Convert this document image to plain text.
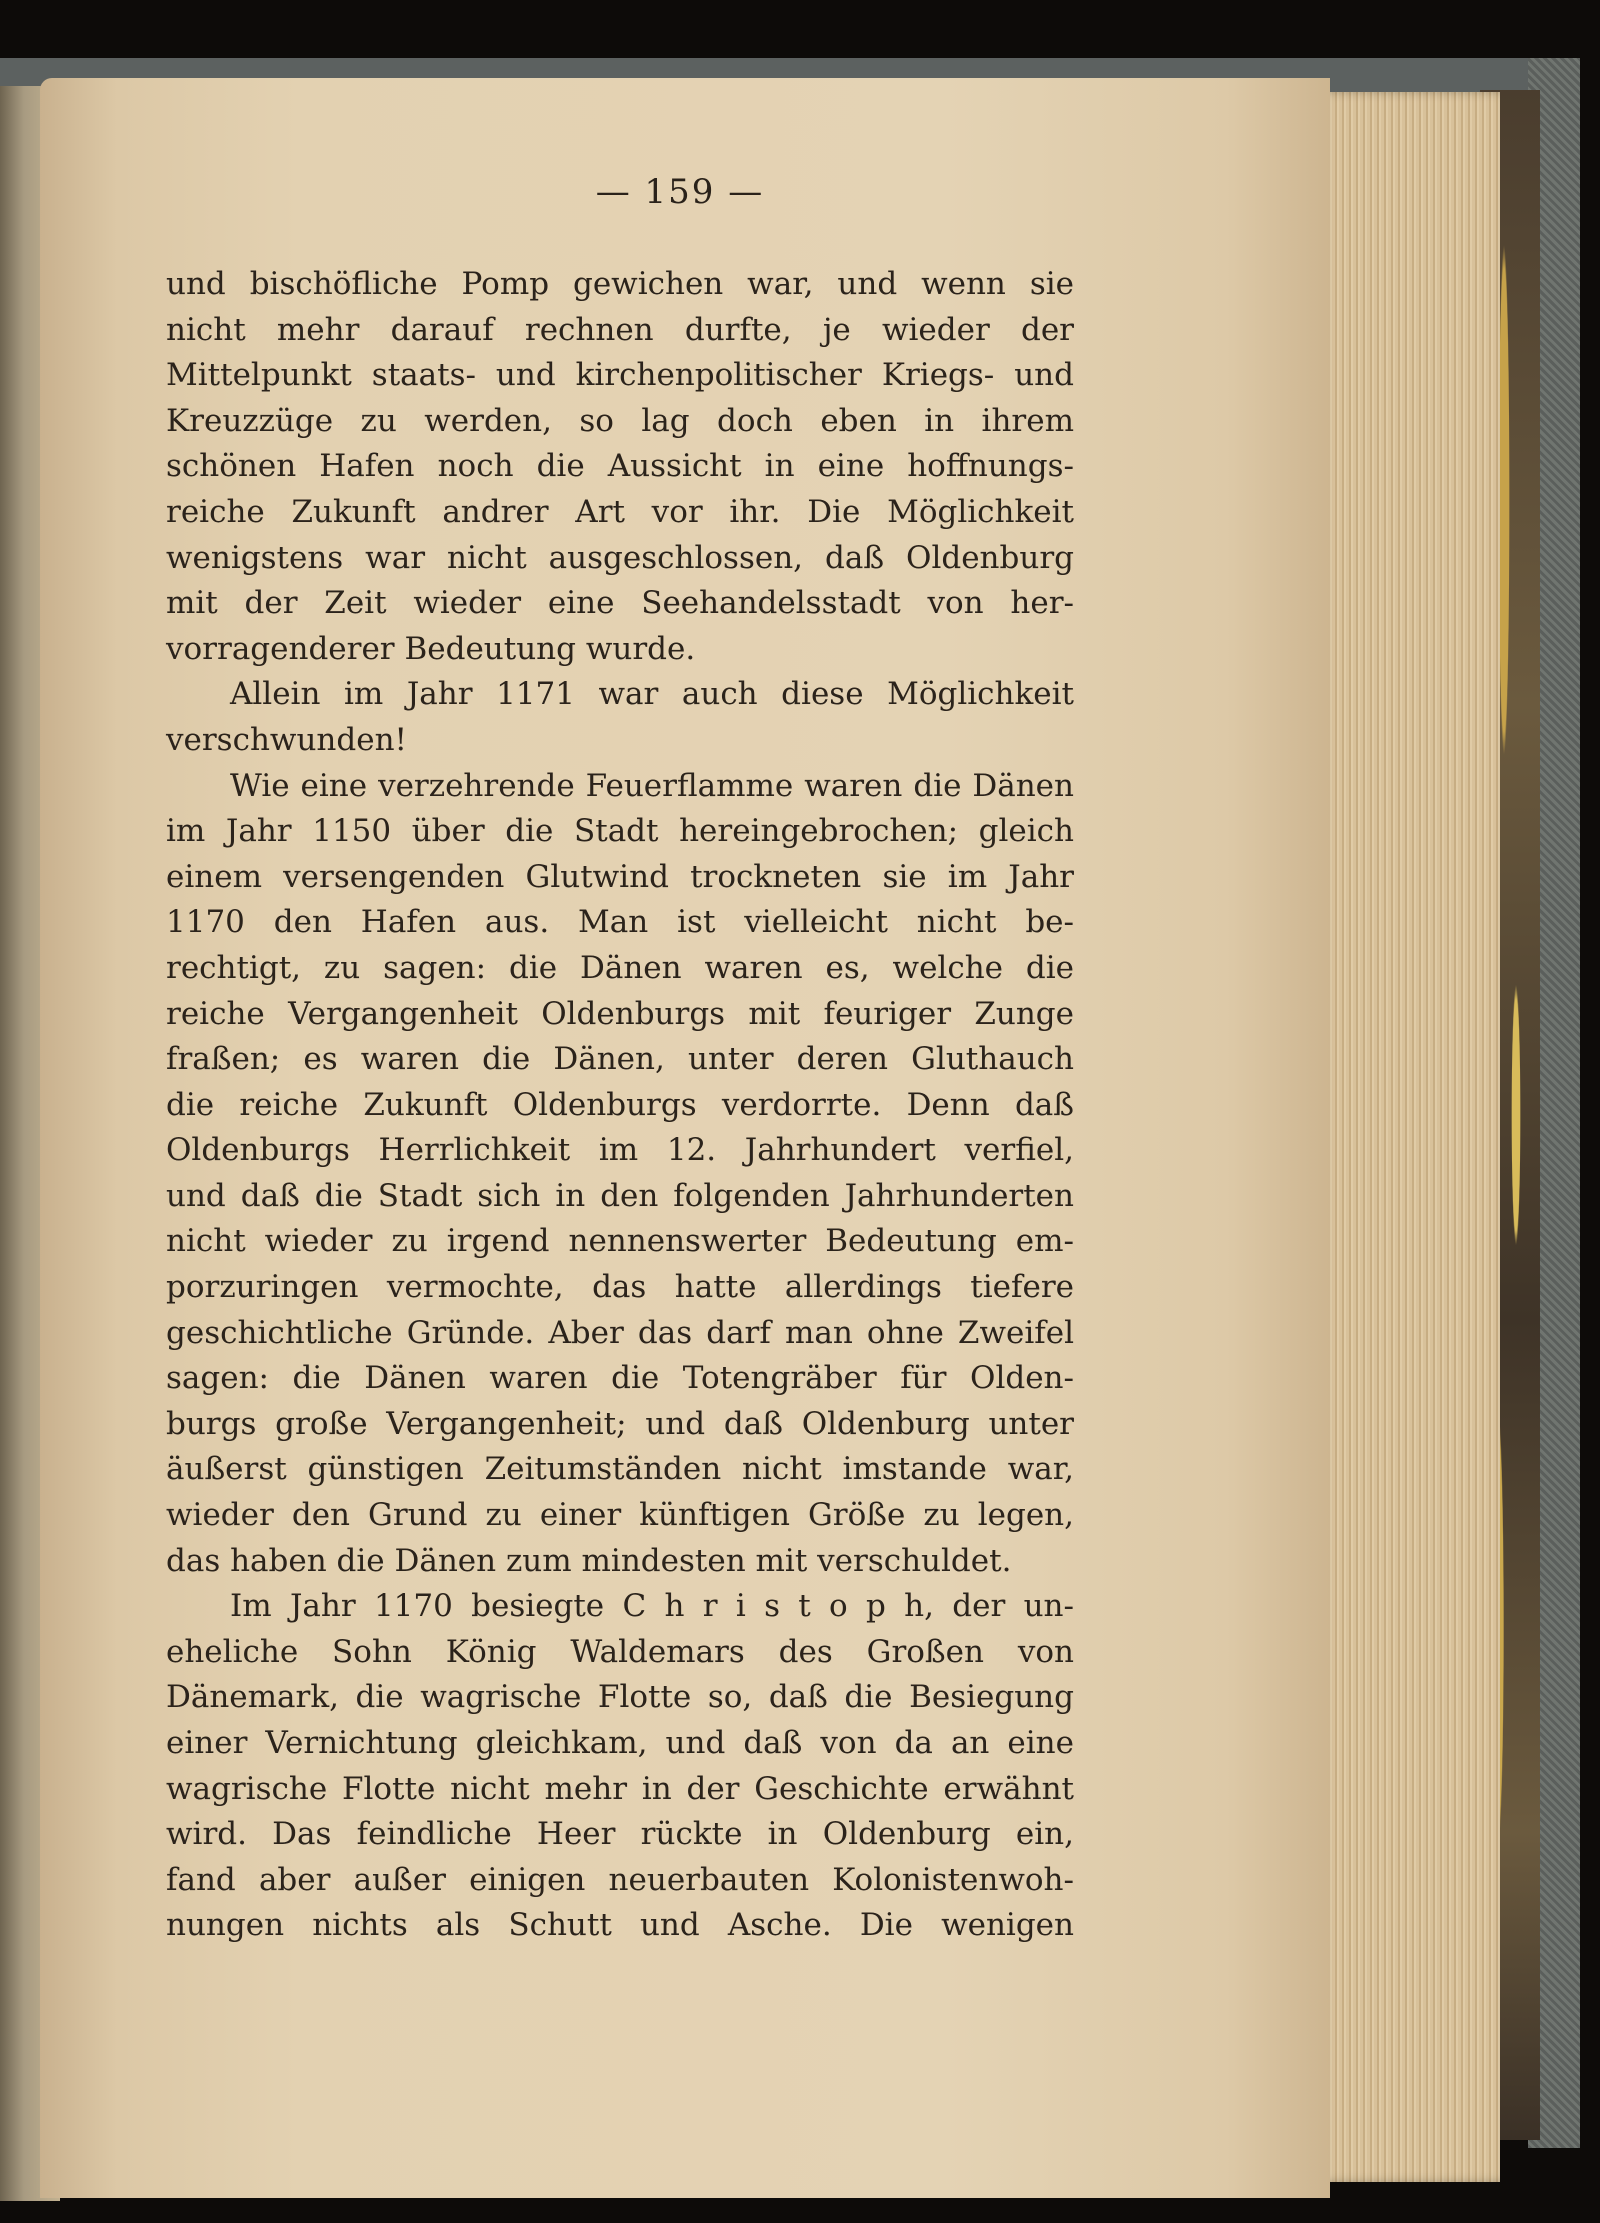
— 159 —
und bischöfliche Pomp gewichen war, und wenn sie
nicht mehr darauf rechnen durfte, je wieder der
Mittelpunkt staats- und kirchenpolitischer Kriegs- und
Kreuzzüge zu werden, so lag doch eben in ihrem
schönen Hafen noch die Aussicht in eine hoffnungs-
reiche Zukunft andrer Art vor ihr. Die Möglichkeit
wenigstens war nicht ausgeschlossen, daß Oldenburg
mit der Zeit wieder eine Seehandelsstadt von her-
vorragenderer Bedeutung wurde.
Allein im Jahr 1171 war auch diese Möglichkeit
verschwunden!
Wie eine verzehrende Feuerflamme waren die Dänen
im Jahr 1150 über die Stadt hereingebrochen; gleich
einem versengenden Glutwind trockneten sie im Jahr
1170 den Hafen aus. Man ist vielleicht nicht be-
rechtigt, zu sagen: die Dänen waren es, welche die
reiche Vergangenheit Oldenburgs mit feuriger Zunge
fraßen; es waren die Dänen, unter deren Gluthauch
die reiche Zukunft Oldenburgs verdorrte. Denn daß
Oldenburgs Herrlichkeit im 12. Jahrhundert verfiel,
und daß die Stadt sich in den folgenden Jahrhunderten
nicht wieder zu irgend nennenswerter Bedeutung em-
porzuringen vermochte, das hatte allerdings tiefere
geschichtliche Gründe. Aber das darf man ohne Zweifel
sagen: die Dänen waren die Totengräber für Olden-
burgs große Vergangenheit; und daß Oldenburg unter
äußerst günstigen Zeitumständen nicht imstande war,
wieder den Grund zu einer künftigen Größe zu legen,
das haben die Dänen zum mindesten mit verschuldet.
Im Jahr 1170 besiegte C h r i s t o p h, der un-
eheliche Sohn König Waldemars des Großen von
Dänemark, die wagrische Flotte so, daß die Besiegung
einer Vernichtung gleichkam, und daß von da an eine
wagrische Flotte nicht mehr in der Geschichte erwähnt
wird. Das feindliche Heer rückte in Oldenburg ein,
fand aber außer einigen neuerbauten Kolonistenwoh-
nungen nichts als Schutt und Asche. Die wenigen
